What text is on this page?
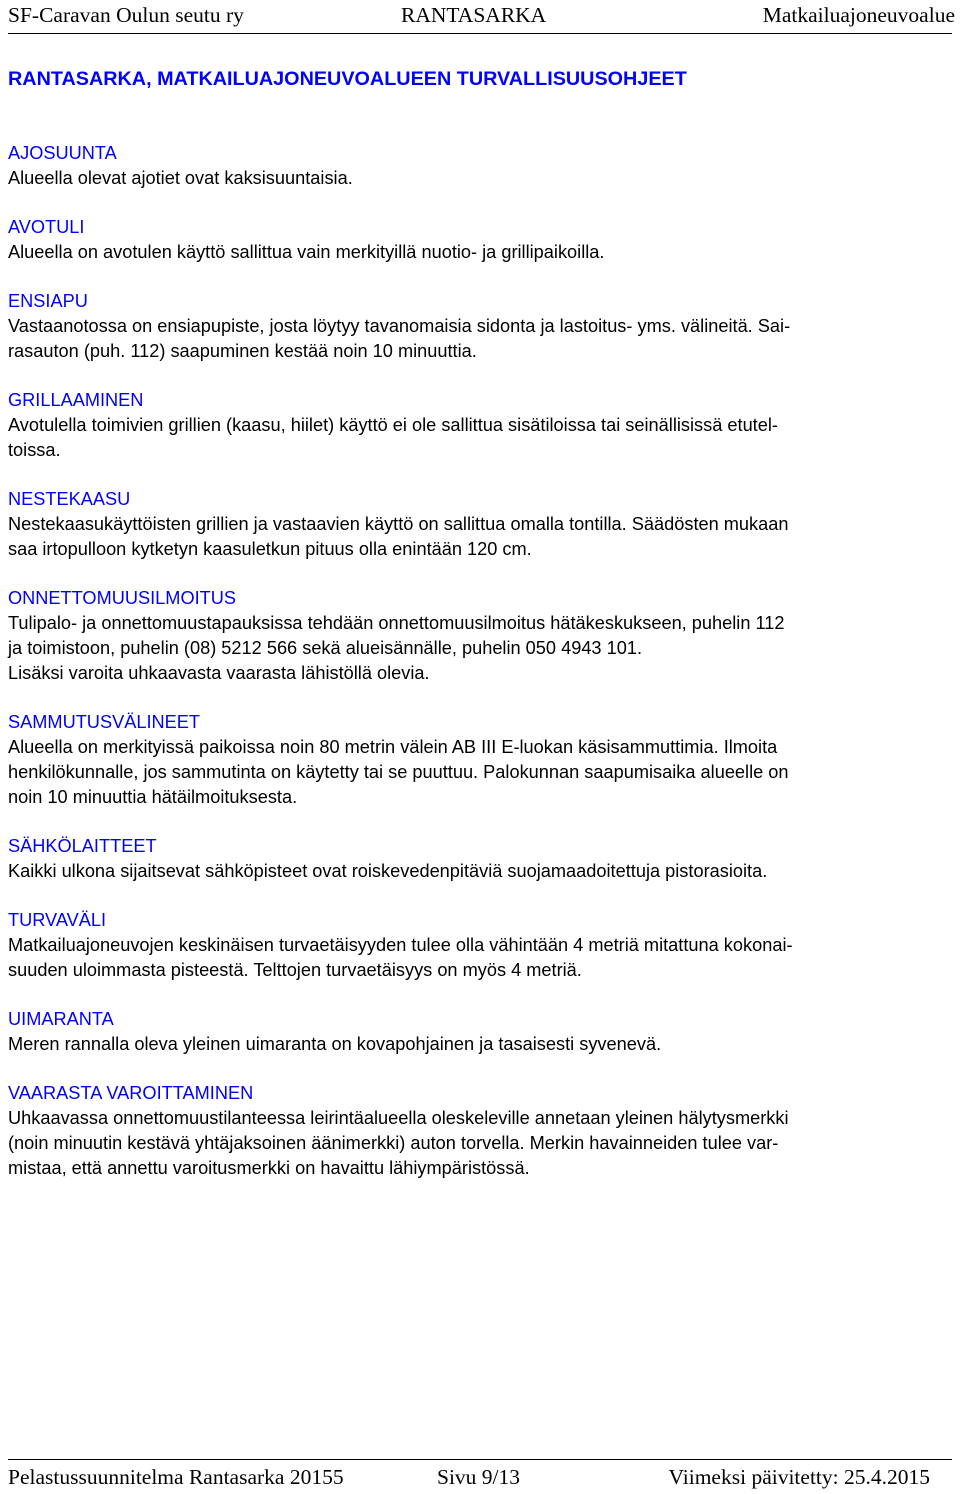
SF-Caravan Oulun seutu ry	RANTASARKA	Matkailuajoneuvoalue
RANTASARKA, MATKAILUAJONEUVOALUEEN TURVALLISUUSOHJEET
AJOSUUNTA
Alueella olevat ajotiet ovat kaksisuuntaisia.
AVOTULI
Alueella on avotulen käyttö sallittua vain merkityillä nuotio- ja grillipaikoilla.
ENSIAPU
Vastaanotossa on ensiapupiste, josta löytyy tavanomaisia sidonta ja lastoitus- yms. välineitä. Sai-
rasauton (puh. 112) saapuminen kestää noin 10 minuuttia.
GRILLAAMINEN
Avotulella toimivien grillien (kaasu, hiilet) käyttö ei ole sallittua sisätiloissa tai seinällisissä etutel-
toissa.
NESTEKAASU
Nestekaasukäyttöisten grillien ja vastaavien käyttö on sallittua omalla tontilla. Säädösten mukaan
saa irtopulloon kytketyn kaasuletkun pituus olla enintään 120 cm.
ONNETTOMUUSILMOITUS
Tulipalo- ja onnettomuustapauksissa tehdään onnettomuusilmoitus hätäkeskukseen, puhelin 112
ja toimistoon, puhelin (08) 5212 566 sekä alueisännälle, puhelin 050 4943 101.
Lisäksi varoita uhkaavasta vaarasta lähistöllä olevia.
SAMMUTUSVÄLINEET
Alueella on merkityissä paikoissa noin 80 metrin välein AB III E-luokan käsisammuttimia. Ilmoita
henkilökunnalle, jos sammutinta on käytetty tai se puuttuu. Palokunnan saapumisaika alueelle on
noin 10 minuuttia hätäilmoituksesta.
SÄHKÖLAITTEET
Kaikki ulkona sijaitsevat sähköpisteet ovat roiskevedenpitäviä suojamaadoitettuja pistorasioita.
TURVAVÄLI
Matkailuajoneuvojen keskinäisen turvaetäisyyden tulee olla vähintään 4 metriä mitattuna kokonai-
suuden uloimmasta pisteestä. Telttojen turvaetäisyys on myös 4 metriä.
UIMARANTA
Meren rannalla oleva yleinen uimaranta on kovapohjainen ja tasaisesti syvenevä.
VAARASTA VAROITTAMINEN
Uhkaavassa onnettomuustilanteessa leirintäalueella oleskeleville annetaan yleinen hälytysmerkki
(noin minuutin kestävä yhtäjaksoinen äänimerkki) auton torvella. Merkin havainneiden tulee var-
mistaa, että annettu varoitusmerkki on havaittu lähiympäristössä.
Pelastussuunnitelma Rantasarka 20155	Sivu 9/13	Viimeksi päivitetty: 25.4.2015
